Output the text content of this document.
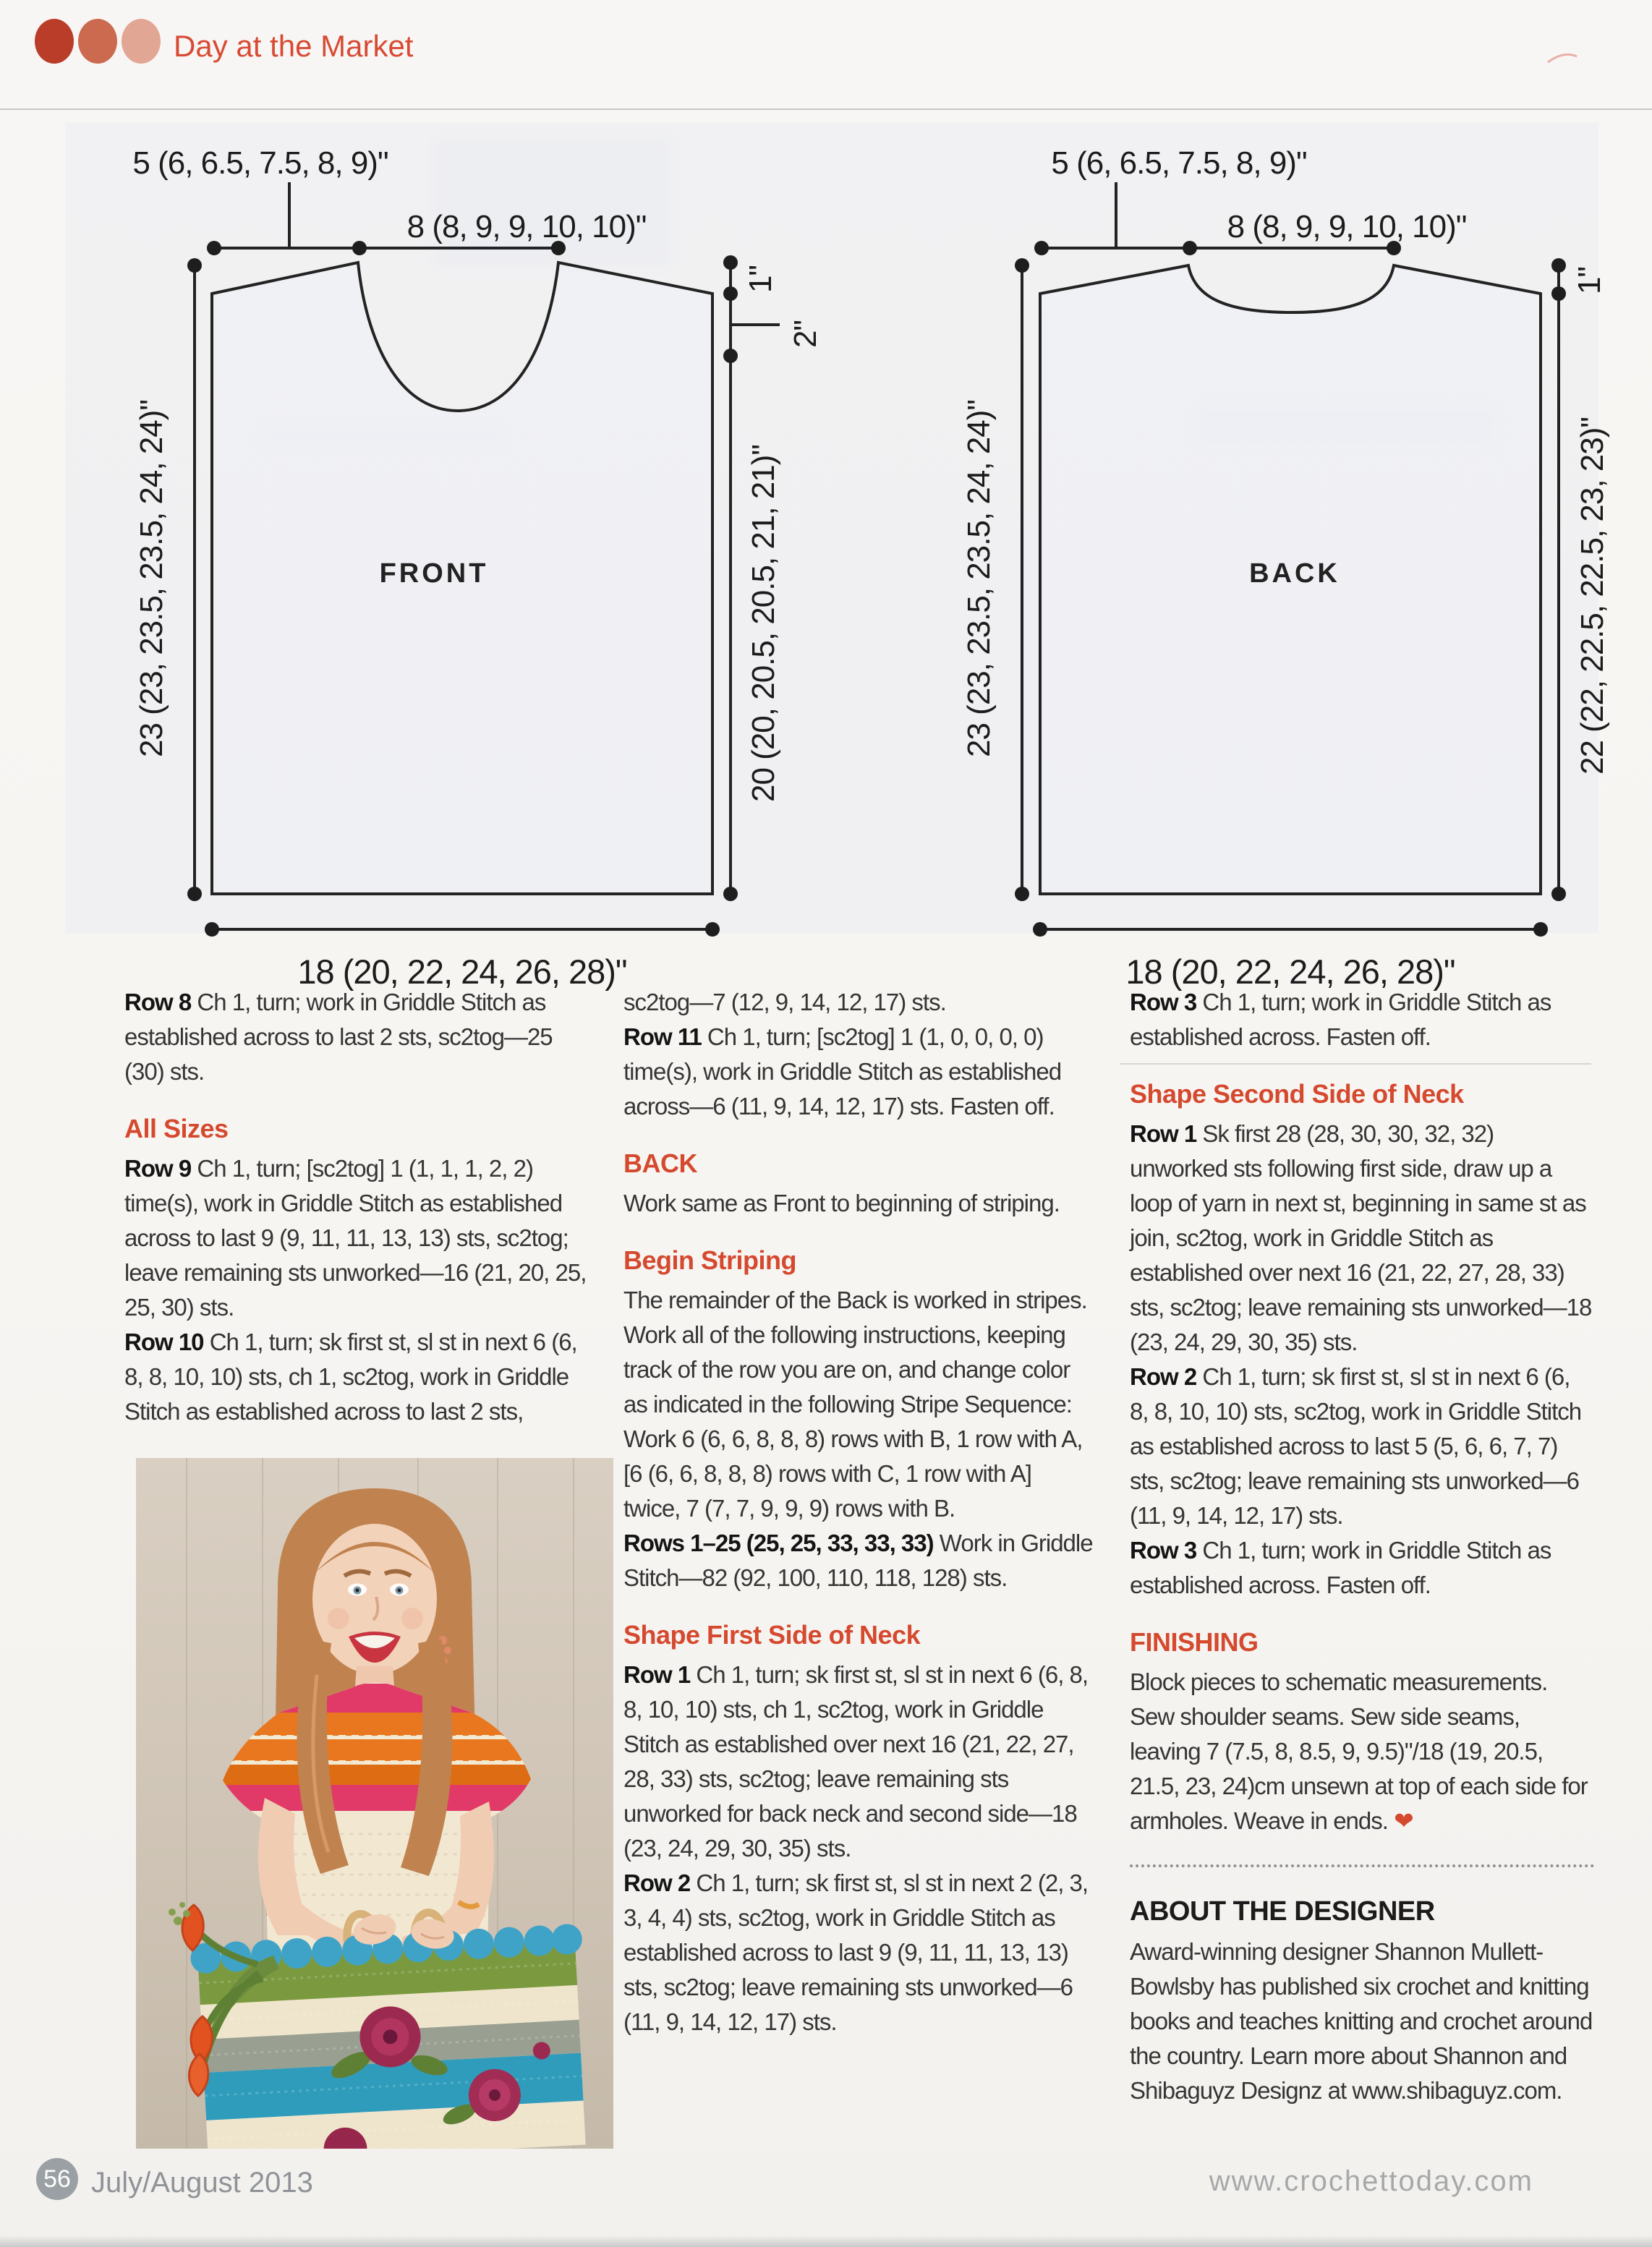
Day at the Market
5 (6, 6.5, 7.5, 8, 9)"
8 (8, 9, 9, 10, 10)"
23 (23, 23.5, 23.5, 24, 24)"
1"
2"
20 (20, 20.5, 20.5, 21, 21)"
18 (20, 22, 24, 26, 28)"
FRONT
5 (6, 6.5, 7.5, 8, 9)"
8 (8, 9, 9, 10, 10)"
23 (23, 23.5, 23.5, 24, 24)"
1"
22 (22, 22.5, 22.5, 23, 23)"
18 (20, 22, 24, 26, 28)"
BACK

Row 8 Ch 1, turn; work in Griddle Stitch as established across to last 2 sts, sc2tog—25 (30) sts.

All Sizes

Row 9 Ch 1, turn; [sc2tog] 1 (1, 1, 1, 2, 2) time(s), work in Griddle Stitch as established across to last 9 (9, 11, 11, 13, 13) sts, sc2tog; leave remaining sts unworked—16 (21, 20, 25, 25, 30) sts.

Row 10 Ch 1, turn; sk first st, sl st in next 6 (6, 8, 8, 10, 10) sts, ch 1, sc2tog, work in Griddle Stitch as established across to last 2 sts,

sc2tog—7 (12, 9, 14, 12, 17) sts.

Row 11 Ch 1, turn; [sc2tog] 1 (1, 0, 0, 0, 0) time(s), work in Griddle Stitch as established across—6 (11, 9, 14, 12, 17) sts. Fasten off.

BACK

Work same as Front to beginning of striping.

Begin Striping

The remainder of the Back is worked in stripes. Work all of the following instructions, keeping track of the row you are on, and change color as indicated in the following Stripe Sequence: Work 6 (6, 6, 8, 8, 8) rows with B, 1 row with A, [6 (6, 6, 8, 8, 8) rows with C, 1 row with A] twice, 7 (7, 7, 9, 9, 9) rows with B.

Rows 1–25 (25, 25, 33, 33, 33) Work in Griddle Stitch—82 (92, 100, 110, 118, 128) sts.

Shape First Side of Neck

Row 1 Ch 1, turn; sk first st, sl st in next 6 (6, 8, 8, 10, 10) sts, ch 1, sc2tog, work in Griddle Stitch as established over next 16 (21, 22, 27, 28, 33) sts, sc2tog; leave remaining sts unworked for back neck and second side—18 (23, 24, 29, 30, 35) sts.

Row 2 Ch 1, turn; sk first st, sl st in next 2 (2, 3, 3, 4, 4) sts, sc2tog, work in Griddle Stitch as established across to last 9 (9, 11, 11, 13, 13) sts, sc2tog; leave remaining sts unworked—6 (11, 9, 14, 12, 17) sts.

Row 3 Ch 1, turn; work in Griddle Stitch as established across. Fasten off.

Shape Second Side of Neck

Row 1 Sk first 28 (28, 30, 30, 32, 32) unworked sts following first side, draw up a loop of yarn in next st, beginning in same st as join, sc2tog, work in Griddle Stitch as established over next 16 (21, 22, 27, 28, 33) sts, sc2tog; leave remaining sts unworked—18 (23, 24, 29, 30, 35) sts.

Row 2 Ch 1, turn; sk first st, sl st in next 6 (6, 8, 8, 10, 10) sts, sc2tog, work in Griddle Stitch as established across to last 5 (5, 6, 6, 7, 7) sts, sc2tog; leave remaining sts unworked—6 (11, 9, 14, 12, 17) sts.

Row 3 Ch 1, turn; work in Griddle Stitch as established across. Fasten off.

FINISHING

Block pieces to schematic measurements. Sew shoulder seams. Sew side seams, leaving 7 (7.5, 8, 8.5, 9, 9.5)"/18 (19, 20.5, 21.5, 23, 24)cm unsewn at top of each side for armholes. Weave in ends. ❤

ABOUT THE DESIGNER

Award-winning designer Shannon Mullett-Bowlsby has published six crochet and knitting books and teaches knitting and crochet around the country. Learn more about Shannon and Shibaguyz Designz at www.shibaguyz.com.

56 July/August 2013	www.crochettoday.com
